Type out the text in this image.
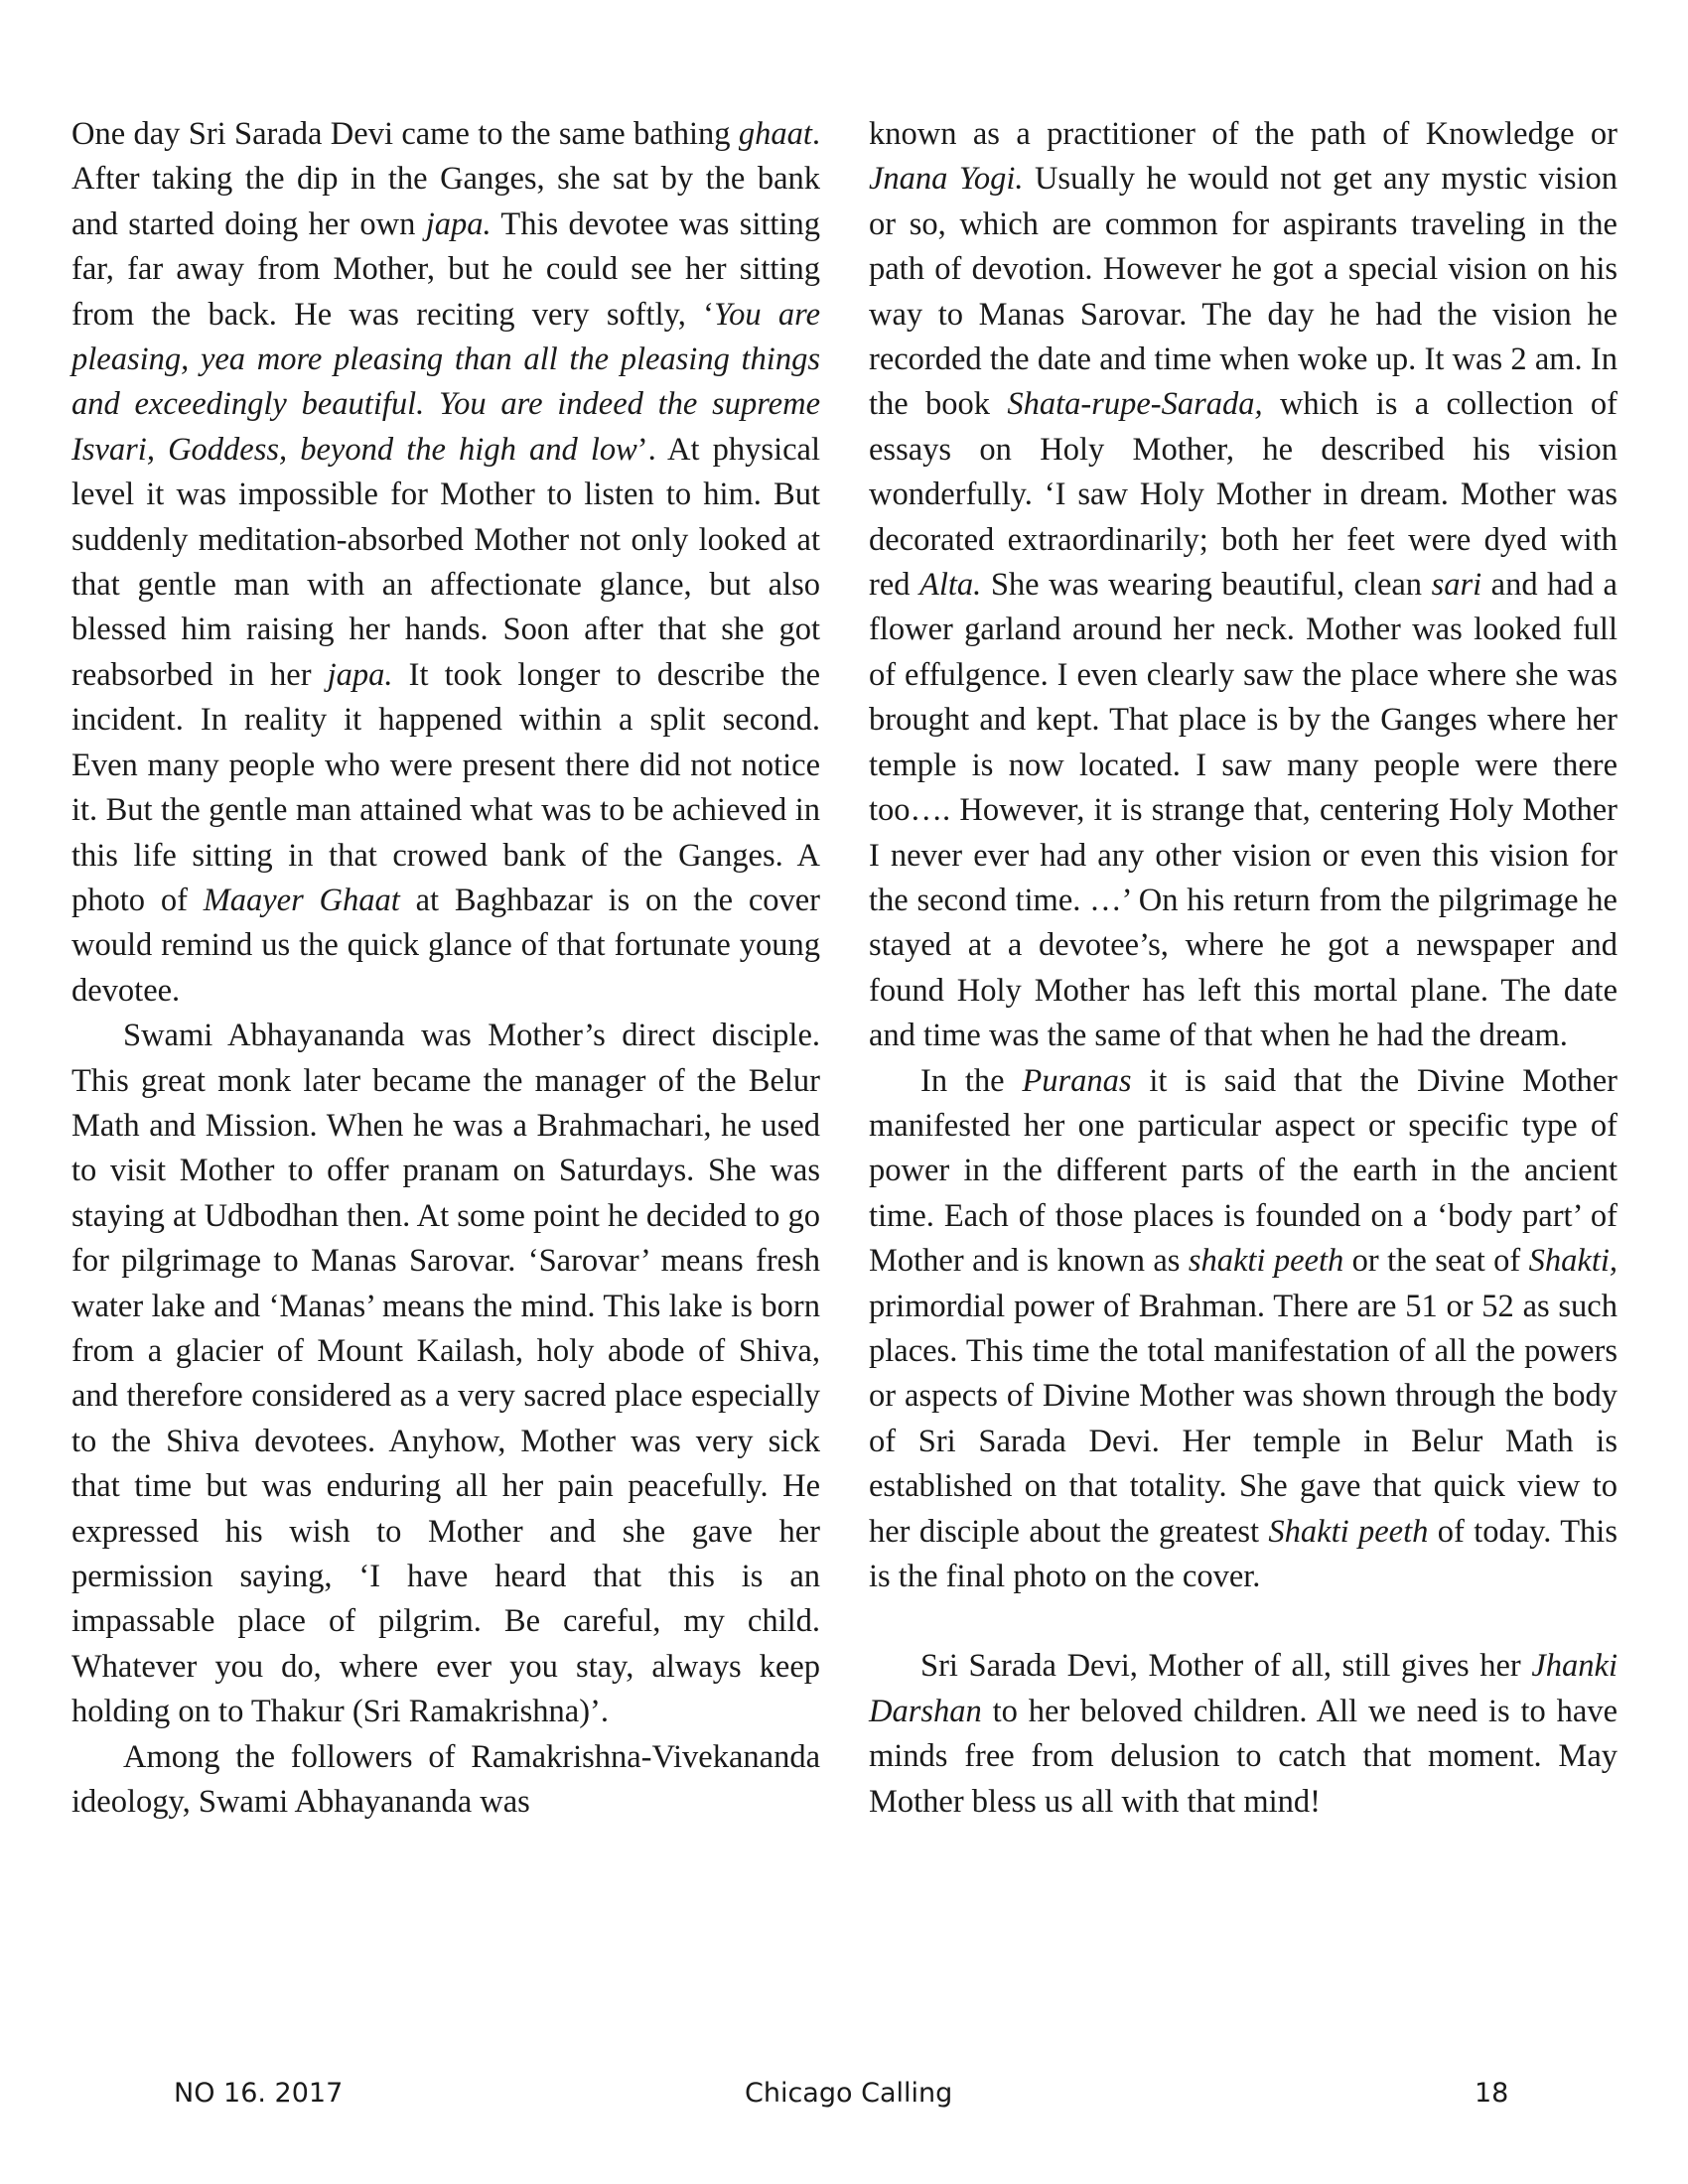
One day Sri Sarada Devi came to the same bathing ghaat. After taking the dip in the Ganges, she sat by the bank and started doing her own japa. This devotee was sitting far, far away from Mother, but he could see her sitting from the back. He was reciting very softly, ‘You are pleasing, yea more pleasing than all the pleasing things and exceedingly beautiful. You are indeed the supreme Isvari, Goddess, beyond the high and low’. At physical level it was impossible for Mother to listen to him. But suddenly meditation-absorbed Mother not only looked at that gentle man with an affectionate glance, but also blessed him raising her hands. Soon after that she got reabsorbed in her japa. It took longer to describe the incident. In reality it happened within a split second. Even many people who were present there did not notice it. But the gentle man attained what was to be achieved in this life sitting in that crowed bank of the Ganges. A photo of Maayer Ghaat at Baghbazar is on the cover would remind us the quick glance of that fortunate young devotee.

Swami Abhayananda was Mother’s direct disciple. This great monk later became the manager of the Belur Math and Mission. When he was a Brahmachari, he used to visit Mother to offer pranam on Saturdays. She was staying at Udbodhan then. At some point he decided to go for pilgrimage to Manas Sarovar. ‘Sarovar’ means fresh water lake and ‘Manas’ means the mind. This lake is born from a glacier of Mount Kailash, holy abode of Shiva, and therefore considered as a very sacred place especially to the Shiva devotees. Anyhow, Mother was very sick that time but was enduring all her pain peacefully. He expressed his wish to Mother and she gave her permission saying, ‘I have heard that this is an impassable place of pilgrim. Be careful, my child. Whatever you do, where ever you stay, always keep holding on to Thakur (Sri Ramakrishna)’.

Among the followers of Ramakrishna-Vivekananda ideology, Swami Abhayananda was

known as a practitioner of the path of Knowledge or Jnana Yogi. Usually he would not get any mystic vision or so, which are common for aspirants traveling in the path of devotion. However he got a special vision on his way to Manas Sarovar. The day he had the vision he recorded the date and time when woke up. It was 2 am. In the book Shata-rupe-Sarada, which is a collection of essays on Holy Mother, he described his vision wonderfully. ‘I saw Holy Mother in dream. Mother was decorated extraordinarily; both her feet were dyed with red Alta. She was wearing beautiful, clean sari and had a flower garland around her neck. Mother was looked full of effulgence. I even clearly saw the place where she was brought and kept. That place is by the Ganges where her temple is now located. I saw many people were there too…. However, it is strange that, centering Holy Mother I never ever had any other vision or even this vision for the second time. …’ On his return from the pilgrimage he stayed at a devotee’s, where he got a newspaper and found Holy Mother has left this mortal plane. The date and time was the same of that when he had the dream.

In the Puranas it is said that the Divine Mother manifested her one particular aspect or specific type of power in the different parts of the earth in the ancient time. Each of those places is founded on a ‘body part’ of Mother and is known as shakti peeth or the seat of Shakti, primordial power of Brahman. There are 51 or 52 as such places. This time the total manifestation of all the powers or aspects of Divine Mother was shown through the body of Sri Sarada Devi. Her temple in Belur Math is established on that totality. She gave that quick view to her disciple about the greatest Shakti peeth of today. This is the final photo on the cover.

Sri Sarada Devi, Mother of all, still gives her Jhanki Darshan to her beloved children. All we need is to have minds free from delusion to catch that moment. May Mother bless us all with that mind!

NO 16. 2017	Chicago Calling	18
